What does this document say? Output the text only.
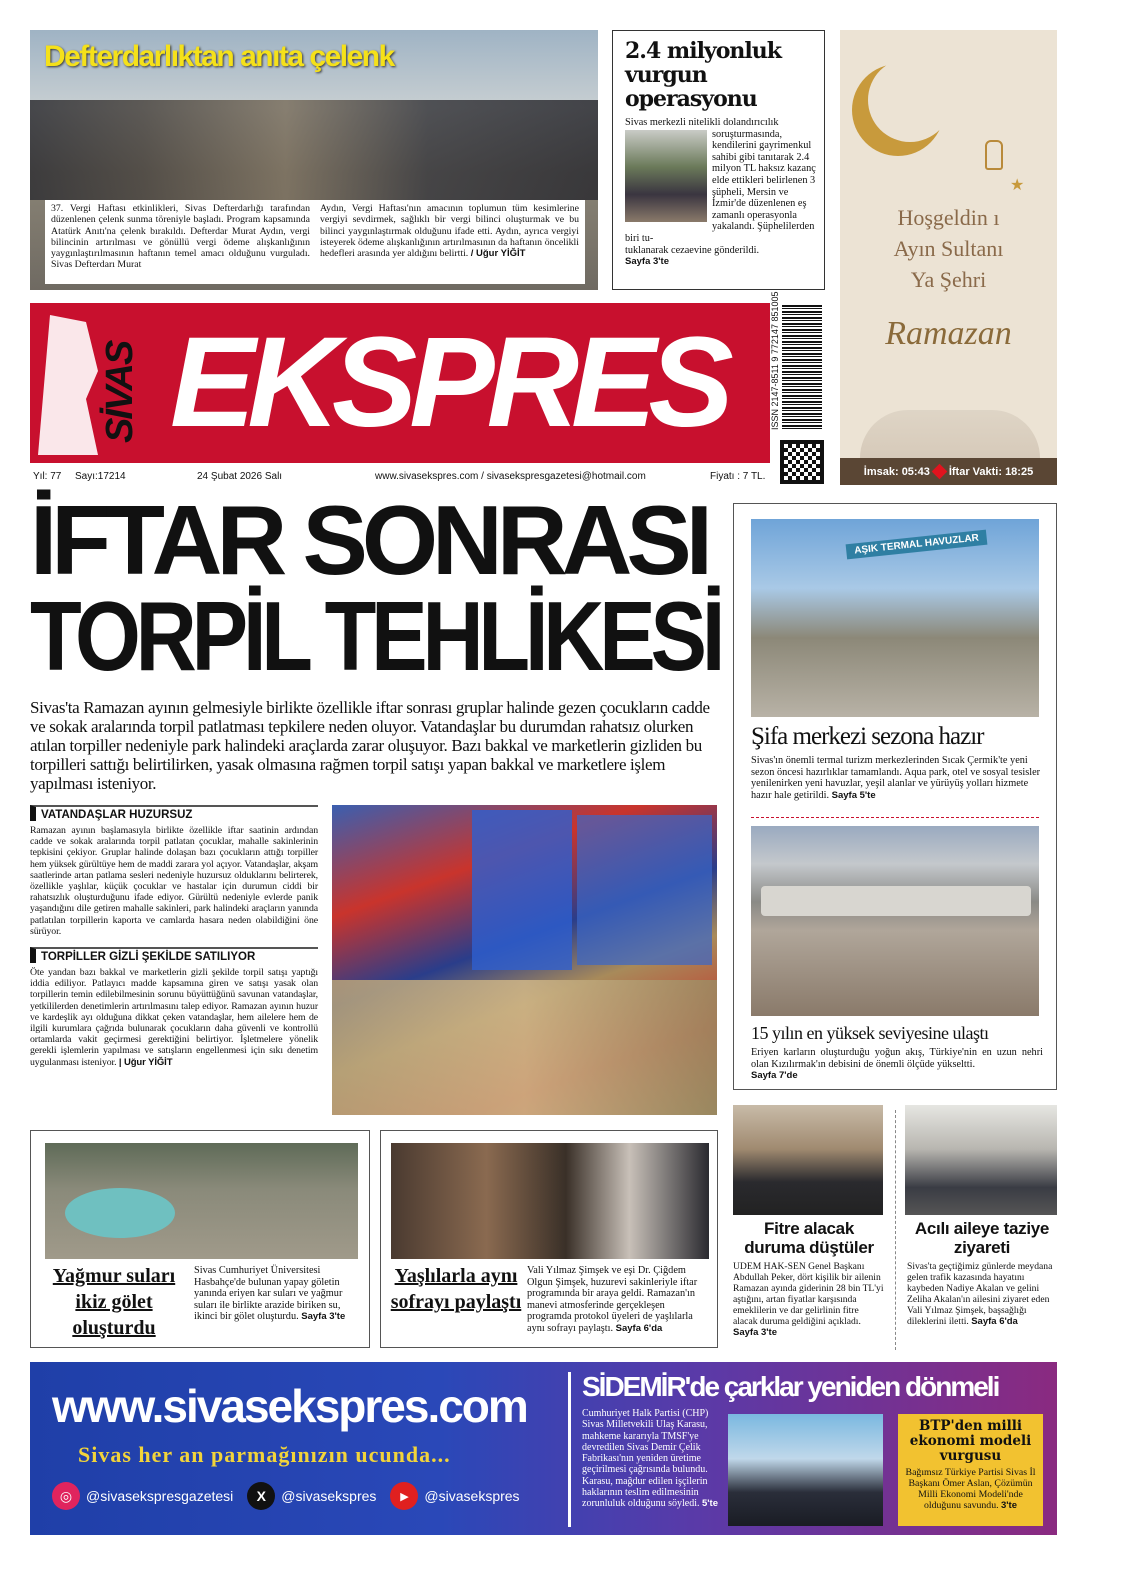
Defterdarlıktan anıta çelenk
37. Vergi Haftası etkinlikleri, Sivas Defterdarlığı tarafından düzenlenen çelenk sunma töreniyle başladı. Program kapsamında Atatürk Anıtı'na çelenk bırakıldı. Defterdar Murat Aydın, vergi bilincinin artırılması ve gönüllü vergi ödeme alışkanlığının yaygınlaştırılmasının haftanın temel amacı olduğunu vurguladı. Sivas Defterdarı Murat
Aydın, Vergi Haftası'nın amacının toplumun tüm kesimlerine vergiyi sevdirmek, sağlıklı bir vergi bilinci oluşturmak ve bu bilinci yaygınlaştırmak olduğunu ifade etti. Aydın, ayrıca vergiyi isteyerek ödeme alışkanlığının artırılmasının da haftanın öncelikli hedefleri arasında yer aldığını belirtti. / Uğur YİĞİT
2.4 milyonluk vurgun operasyonu
Sivas merkezli nitelikli dolandırıcılık
soruşturmasında, kendilerini gayrimenkul sahibi gibi tanıtarak 2.4 milyon TL haksız kazanç elde ettikleri belirlenen 3 şüpheli, Mersin ve İzmir'de düzenlenen eş zamanlı operasyonla yakalandı. Şüphelilerden biri tu-
tuklanarak cezaevine gönderildi.
Sayfa 3'te
★
Hoşgeldin ı
Ayın Sultanı
Ya Şehri
Ramazan
İmsak: 05:43 İftar Vakti: 18:25
SİVAS EKSPRES	ISSN 2147-8511 9 772147 851005
Yıl: 77	Sayı:17214	24 Şubat 2026 Salı	www.sivasekspres.com / sivasekspresgazetesi@hotmail.com	Fiyatı : 7 TL.
İFTAR SONRASI
TORPİL TEHLİKESİ
Sivas'ta Ramazan ayının gelmesiyle birlikte özellikle iftar sonrası gruplar halinde gezen çocukların cadde ve sokak aralarında torpil patlatması tepkilere neden oluyor. Vatandaşlar bu durumdan rahatsız olurken atılan torpiller nedeniyle park halindeki araçlarda zarar oluşuyor. Bazı bakkal ve marketlerin gizliden bu torpilleri sattığı belirtilirken, yasak olmasına rağmen torpil satışı yapan bakkal ve marketlere işlem yapılması isteniyor.
VATANDAŞLAR HUZURSUZ
Ramazan ayının başlamasıyla birlikte özellikle iftar saatinin ardından cadde ve sokak aralarında torpil patlatan çocuklar, mahalle sakinlerinin tepkisini çekiyor. Gruplar halinde dolaşan bazı çocukların attığı torpiller hem yüksek gürültüye hem de maddi zarara yol açıyor. Vatandaşlar, akşam saatlerinde artan patlama sesleri nedeniyle huzursuz olduklarını belirterek, özellikle yaşlılar, küçük çocuklar ve hastalar için durumun ciddi bir rahatsızlık oluşturduğunu ifade ediyor. Gürültü nedeniyle evlerde panik yaşandığını dile getiren mahalle sakinleri, park halindeki araçların yanında patlatılan torpillerin kaporta ve camlarda hasara neden olabildiğini öne sürüyor.
TORPİLLER GİZLİ ŞEKİLDE SATILIYOR
Öte yandan bazı bakkal ve marketlerin gizli şekilde torpil satışı yaptığı iddia ediliyor. Patlayıcı madde kapsamına giren ve satışı yasak olan torpillerin temin edilebilmesinin sorunu büyüttüğünü savunan vatandaşlar, yetkililerden denetimlerin artırılmasını talep ediyor. Ramazan ayının huzur ve kardeşlik ayı olduğuna dikkat çeken vatandaşlar, hem ailelere hem de ilgili kurumlara çağrıda bulunarak çocukların daha güvenli ve kontrollü ortamlarda vakit geçirmesi gerektiğini belirtiyor. İşletmelere yönelik gerekli işlemlerin yapılması ve satışların engellenmesi için sıkı denetim uygulanması isteniyor. | Uğur YİĞİT
AŞIK TERMAL HAVUZLAR
Şifa merkezi sezona hazır
Sivas'ın önemli termal turizm merkezlerinden Sıcak Çermik'te yeni sezon öncesi hazırlıklar tamamlandı. Aqua park, otel ve sosyal tesisler yenilenirken yeni havuzlar, yeşil alanlar ve yürüyüş yolları hizmete hazır hale getirildi. Sayfa 5'te
15 yılın en yüksek seviyesine ulaştı
Eriyen karların oluşturduğu yoğun akış, Türkiye'nin en uzun nehri olan Kızılırmak'ın debisini de önemli ölçüde yükseltti.
Sayfa 7'de
Yağmur suları ikiz gölet oluşturdu
Sivas Cumhuriyet Üniversitesi Hasbahçe'de bulunan yapay göletin yanında eriyen kar suları ve yağmur suları ile birlikte arazide biriken su, ikinci bir gölet oluşturdu. Sayfa 3'te
Yaşlılarla aynı sofrayı paylaştı
Vali Yılmaz Şimşek ve eşi Dr. Çiğdem Olgun Şimşek, huzurevi sakinleriyle iftar programında bir araya geldi. Ramazan'ın manevi atmosferinde gerçekleşen programda protokol üyeleri de yaşlılarla aynı sofrayı paylaştı. Sayfa 6'da
Fitre alacak duruma düştüler
UDEM HAK-SEN Genel Başkanı Abdullah Peker, dört kişilik bir ailenin Ramazan ayında giderinin 28 bin TL'yi aştığını, artan fiyatlar karşısında emeklilerin ve dar gelirlinin fitre alacak duruma geldiğini açıkladı. Sayfa 3'te
Acılı aileye taziye ziyareti
Sivas'ta geçtiğimiz günlerde meydana gelen trafik kazasında hayatını kaybeden Nadiye Akalan ve gelini Zeliha Akalan'ın ailesini ziyaret eden Vali Yılmaz Şimşek, başsağlığı dileklerini iletti. Sayfa 6'da
www.sivasekspres.com
Sivas her an parmağınızın ucunda...
◎ @sivasekspresgazetesi	X	@sivasekspres	▶	@sivasekspres
SİDEMİR'de çarklar yeniden dönmeli
Cumhuriyet Halk Partisi (CHP) Sivas Milletvekili Ulaş Karasu, mahkeme kararıyla TMSF'ye devredilen Sivas Demir Çelik Fabrikası'nın yeniden üretime geçirilmesi çağrısında bulundu. Karasu, mağdur edilen işçilerin haklarının teslim edilmesinin zorunluluk olduğunu söyledi. 5'te
BTP'den milli ekonomi modeli vurgusu
Bağımsız Türkiye Partisi Sivas İl Başkanı Ömer Aslan, Çözümün Milli Ekonomi Modeli'nde olduğunu savundu. 3'te
